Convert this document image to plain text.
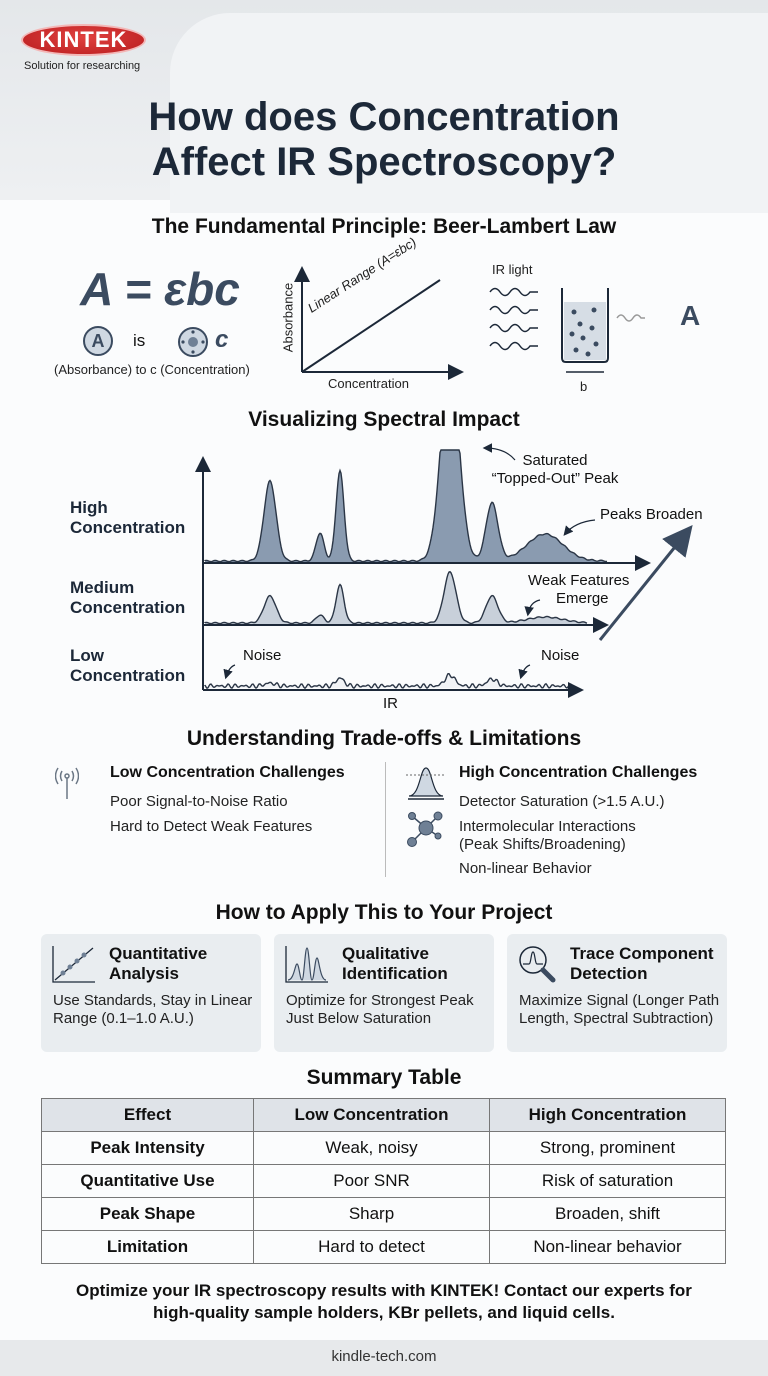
KINTEK
Solution for researching
How does Concentration
Affect IR Spectroscopy?
The Fundamental Principle: Beer-Lambert Law
A = εbc
A	is	c
(Absorbance) to c (Concentration)
Absorbance
Concentration
Linear Range (A=εbc)	IR light
b
A
Visualizing Spectral Impact
High
Concentration
Medium
Concentration
Low
Concentration
Saturated
“Topped-Out” Peak
Peaks Broaden
Weak Features
Emerge
Noise	Noise
IR
Understanding Trade-offs & Limitations
Low Concentration Challenges
Poor Signal-to-Noise Ratio
Hard to Detect Weak Features
High Concentration Challenges
Detector Saturation (>1.5 A.U.)
Intermolecular Interactions
(Peak Shifts/Broadening)
Non-linear Behavior
How to Apply This to Your Project
Quantitative
Analysis
Use Standards, Stay in Linear Range (0.1–1.0 A.U.)
Qualitative
Identification
Optimize for Strongest Peak Just Below Saturation
Trace Component
Detection
Maximize Signal (Longer Path Length, Spectral Subtraction)
Summary Table
Effect	Low Concentration	High Concentration
Peak Intensity	Weak, noisy	Strong, prominent
Quantitative Use	Poor SNR	Risk of saturation
Peak Shape	Sharp	Broaden, shift
Limitation	Hard to detect	Non-linear behavior
Optimize your IR spectroscopy results with KINTEK! Contact our experts for
high-quality sample holders, KBr pellets, and liquid cells.
kindle-tech.com
